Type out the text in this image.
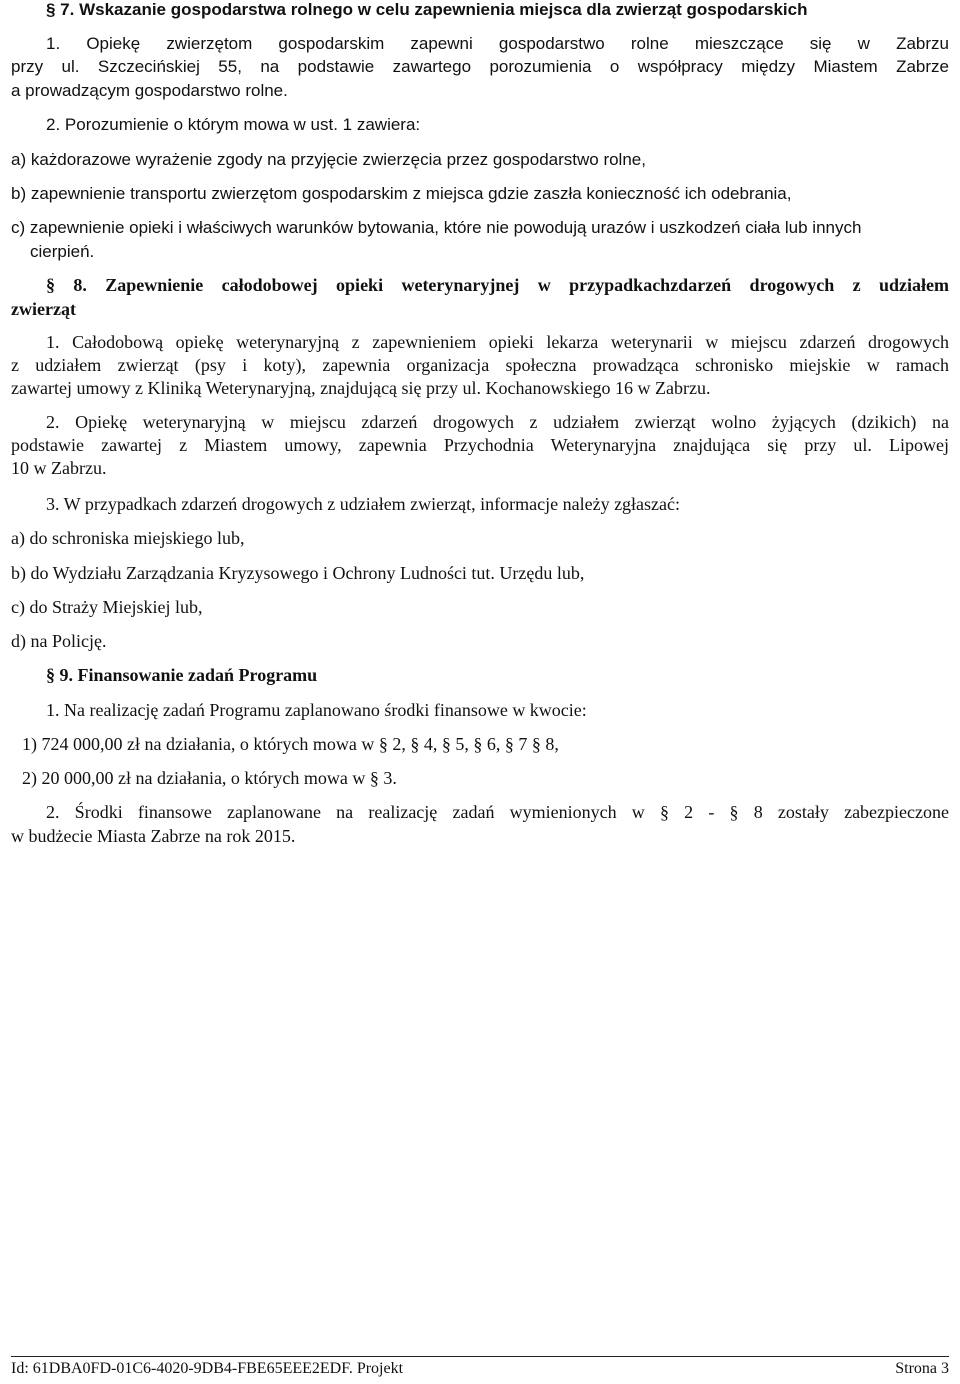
§ 7. Wskazanie gospodarstwa rolnego w celu zapewnienia miejsca dla zwierząt gospodarskich
1. Opiekę zwierzętom gospodarskim zapewni gospodarstwo rolne mieszczące się w Zabrzu
przy ul. Szczecińskiej 55, na podstawie zawartego porozumienia o współpracy między Miastem Zabrze
a prowadzącym gospodarstwo rolne.
2. Porozumienie o którym mowa w ust. 1 zawiera:
a) każdorazowe wyrażenie zgody na przyjęcie zwierzęcia przez gospodarstwo rolne,
b) zapewnienie transportu zwierzętom gospodarskim z miejsca gdzie zaszła konieczność ich odebrania,
c) zapewnienie opieki i właściwych warunków bytowania, które nie powodują urazów i uszkodzeń ciała lub innych
cierpień.
§ 8. Zapewnienie całodobowej opieki weterynaryjnej w przypadkachzdarzeń drogowych z udziałem
zwierząt
1. Całodobową opiekę weterynaryjną z zapewnieniem opieki lekarza weterynarii w miejscu zdarzeń drogowych
z udziałem zwierząt (psy i koty), zapewnia organizacja społeczna prowadząca schronisko miejskie w ramach
zawartej umowy z Kliniką Weterynaryjną, znajdującą się przy ul. Kochanowskiego 16 w Zabrzu.
2. Opiekę weterynaryjną w miejscu zdarzeń drogowych z udziałem zwierząt wolno żyjących (dzikich) na
podstawie zawartej z Miastem umowy, zapewnia Przychodnia Weterynaryjna znajdująca się przy ul. Lipowej
10 w Zabrzu.
3. W przypadkach zdarzeń drogowych z udziałem zwierząt, informacje należy zgłaszać:
a) do schroniska miejskiego lub,
b) do Wydziału Zarządzania Kryzysowego i Ochrony Ludności tut. Urzędu lub,
c) do Straży Miejskiej lub,
d) na Policję.
§ 9. Finansowanie zadań Programu
1. Na realizację zadań Programu zaplanowano środki finansowe w kwocie:
1) 724 000,00 zł na działania, o których mowa w § 2, § 4, § 5, § 6, § 7 § 8,
2) 20 000,00 zł na działania, o których mowa w § 3.
2. Środki finansowe zaplanowane na realizację zadań wymienionych w § 2 - § 8 zostały zabezpieczone
w budżecie Miasta Zabrze na rok 2015.
Id: 61DBA0FD-01C6-4020-9DB4-FBE65EEE2EDF. Projekt	Strona 3
